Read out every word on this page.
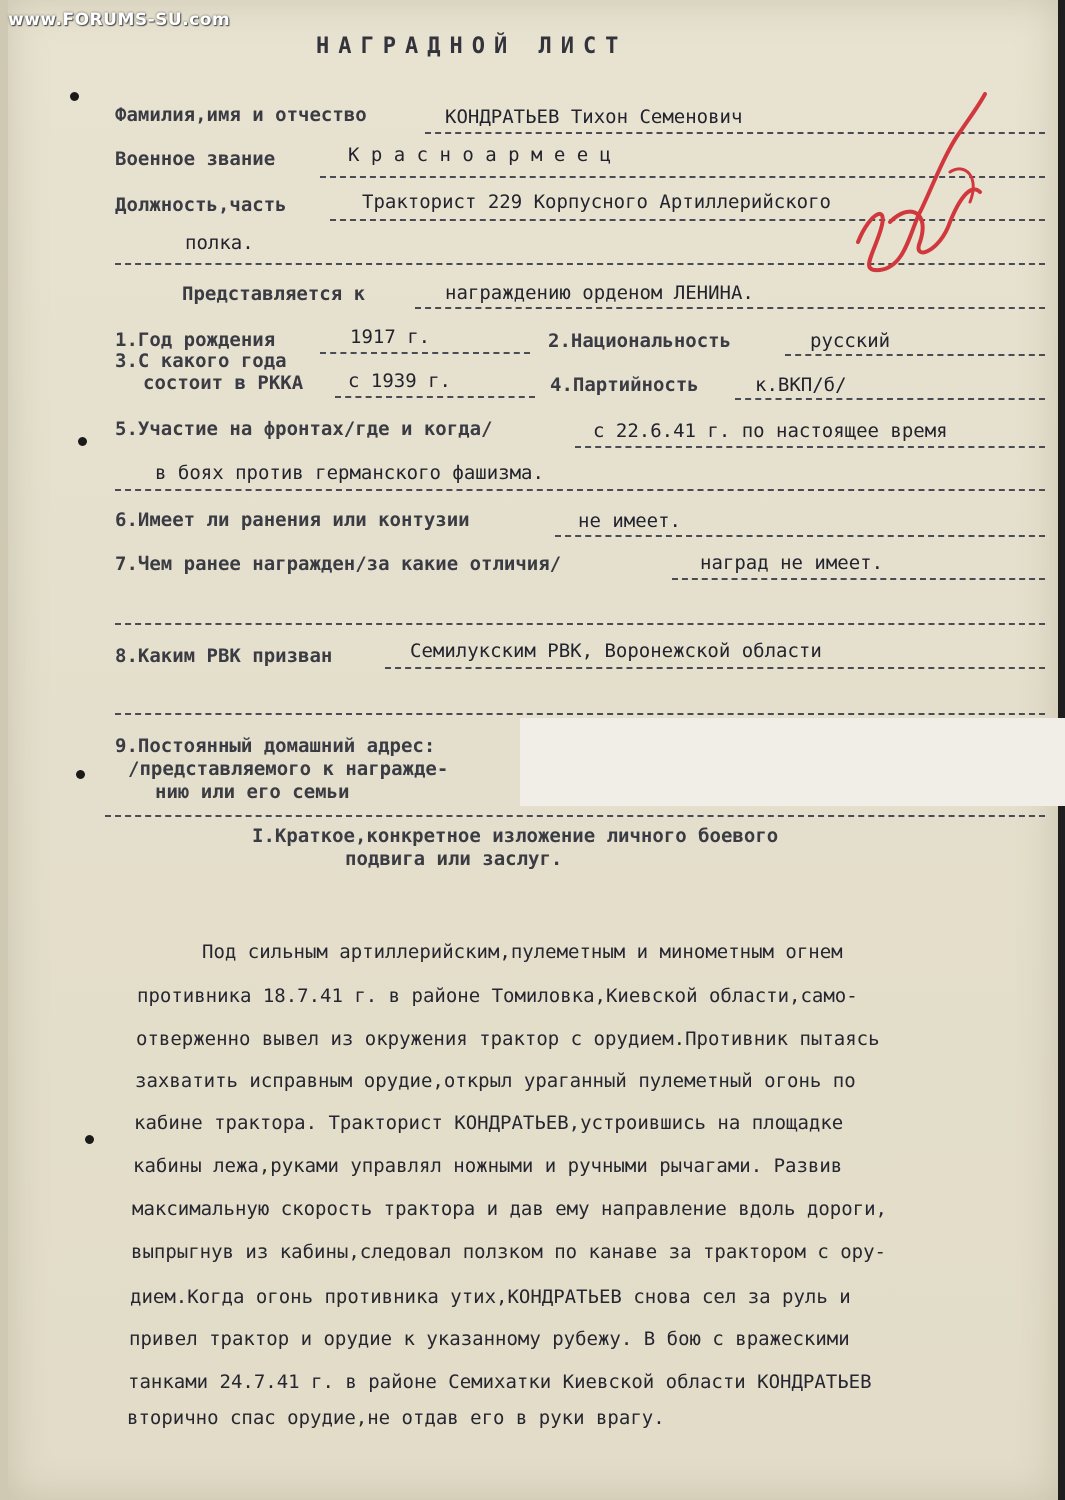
www.FORUMS-SU.com
НАГРАДНОЙ ЛИСТ
Фамилия,имя и отчество	КОНДРАТЬЕВ Тихон Семенович
Военное звание	К р а с н о а р м е е ц
Должность,часть	Тракторист 229 Корпусного Артиллерийского
полка.
Представляется к	награждению орденом ЛЕНИНА.
1.Год рождения	1917 г.	2.Национальность	русский
3.С какого года
состоит в РККА с 1939 г.	4.Партийность	к.ВКП/б/
5.Участие на фронтах/где и когда/	с 22.6.41 г. по настоящее время
в боях против германского фашизма.
6.Имеет ли ранения или контузии	не имеет.
7.Чем ранее награжден/за какие отличия/	наград не имеет.
8.Каким РВК призван	Семилукским РВК, Воронежской области
9.Постоянный домашний адрес:
/представляемого к награжде-
нию или его семьи
I.Краткое,конкретное изложение личного боевого
подвига или заслуг.
Под сильным артиллерийским,пулеметным и минометным огнем
противника 18.7.41 г. в районе Томиловка,Киевской области,само-
отверженно вывел из окружения трактор с орудием.Противник пытаясь
захватить исправным орудие,открыл ураганный пулеметный огонь по
кабине трактора. Тракторист КОНДРАТЬЕВ,устроившись на площадке
кабины лежа,руками управлял ножными и ручными рычагами. Развив
максимальную скорость трактора и дав ему направление вдоль дороги,
выпрыгнув из кабины,следовал ползком по канаве за трактором с ору-
дием.Когда огонь противника утих,КОНДРАТЬЕВ снова сел за руль и
привел трактор и орудие к указанному рубежу. В бою с вражескими
танками 24.7.41 г. в районе Семихатки Киевской области КОНДРАТЬЕВ
вторично спас орудие,не отдав его в руки врагу.
